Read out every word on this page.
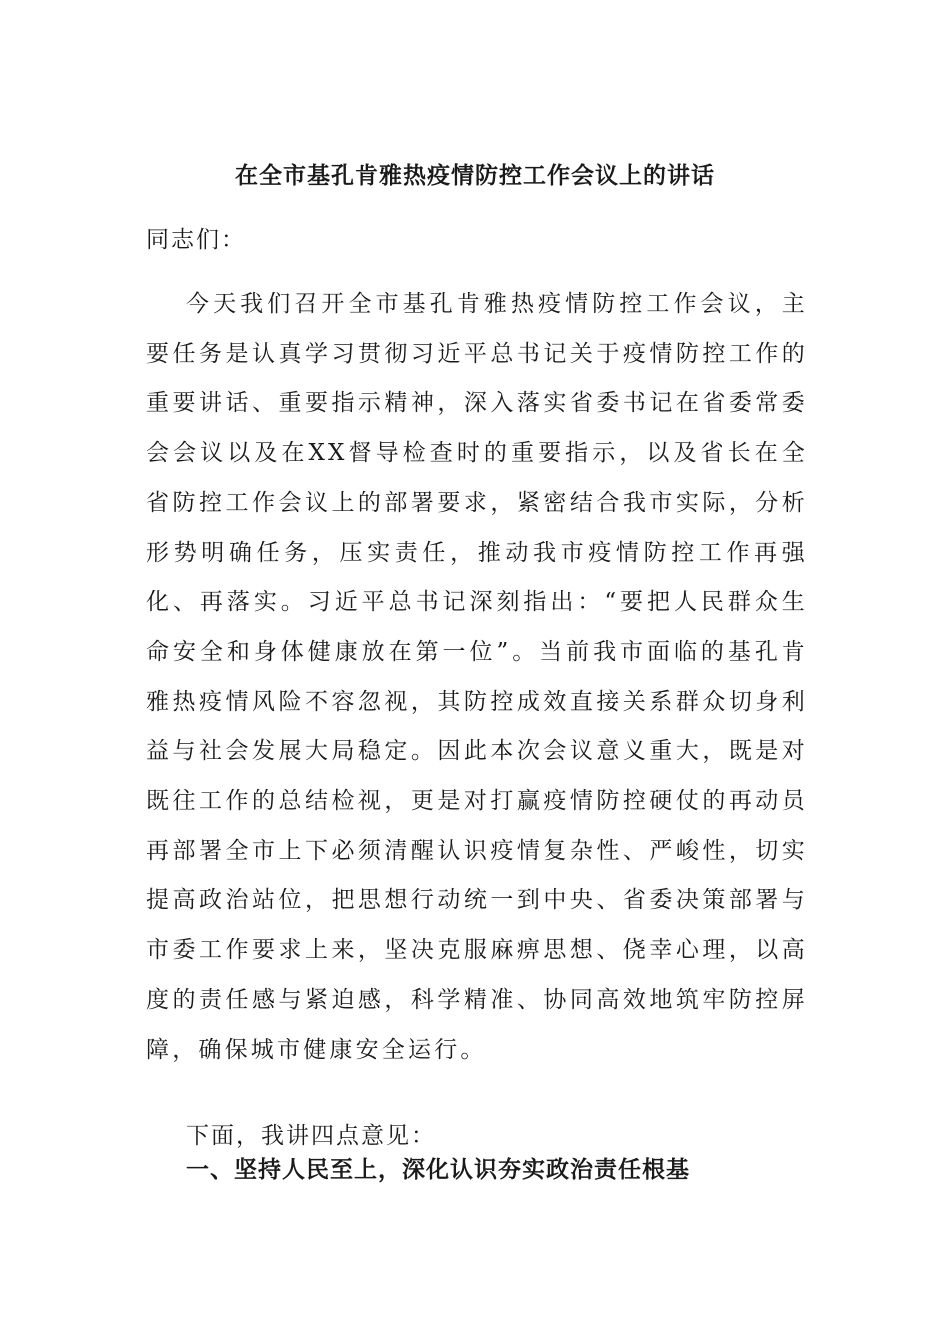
在全市基孔肯雅热疫情防控工作会议上的讲话
同志们：

今天我们召开全市基孔肯雅热疫情防控工作会议，主要任务是认真学习贯彻习近平总书记关于疫情防控工作的重要讲话、重要指示精神，深入落实省委书记在省委常委会会议以及在XX督导检查时的重要指示，以及省长在全省防控工作会议上的部署要求，紧密结合我市实际，分析形势明确任务，压实责任，推动我市疫情防控工作再强化、再落实。习近平总书记深刻指出：“要把人民群众生命安全和身体健康放在第一位”。当前我市面临的基孔肯雅热疫情风险不容忽视，其防控成效直接关系群众切身利益与社会发展大局稳定。因此本次会议意义重大，既是对既往工作的总结检视，更是对打赢疫情防控硬仗的再动员再部署全市上下必须清醒认识疫情复杂性、严峻性，切实提高政治站位，把思想行动统一到中央、省委决策部署与市委工作要求上来，坚决克服麻痹思想、侥幸心理，以高度的责任感与紧迫感，科学精准、协同高效地筑牢防控屏障，确保城市健康安全运行。

下面，我讲四点意见：
一、坚持人民至上，深化认识夯实政治责任根基
